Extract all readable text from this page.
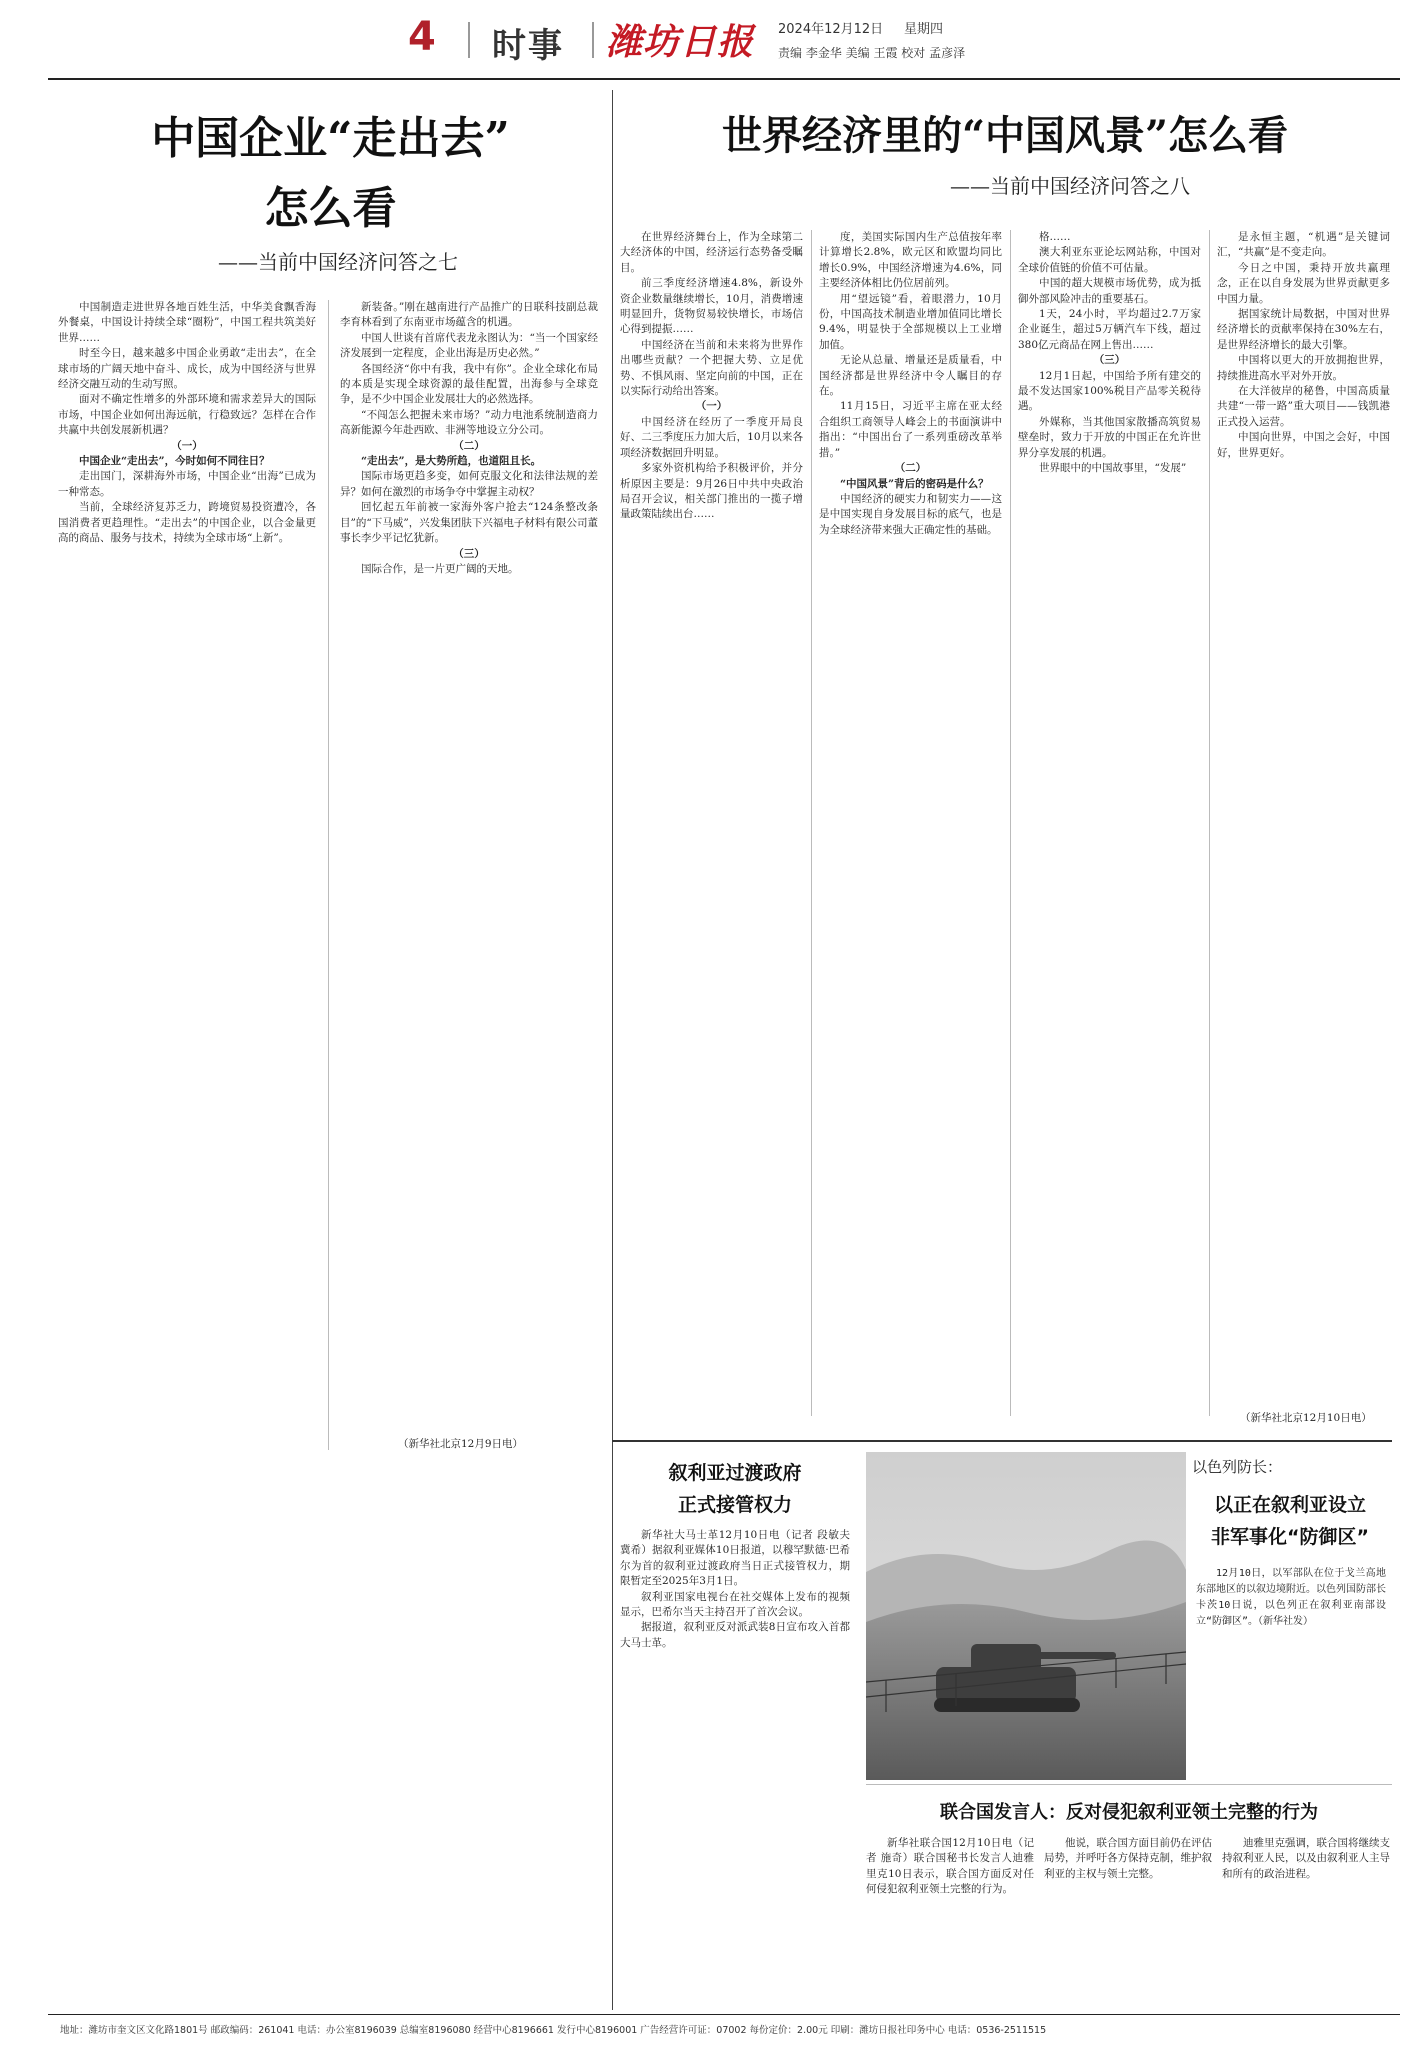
4 时事 潍坊日报 2024年12月12日 星期四
责编 李金华 美编 王霞 校对 孟彦泽
中国企业“走出去”
怎么看
——当前中国经济问答之七

中国制造走进世界各地百姓生活，中华美食飘香海外餐桌，中国设计持续全球“圈粉”，中国工程共筑美好世界……

时至今日，越来越多中国企业勇敢“走出去”，在全球市场的广阔天地中奋斗、成长，成为中国经济与世界经济交融互动的生动写照。

面对不确定性增多的外部环境和需求差异大的国际市场，中国企业如何出海远航，行稳致远？怎样在合作共赢中共创发展新机遇？

（一）

中国企业“走出去”，今时如何不同往日？

走出国门，深耕海外市场，中国企业“出海”已成为一种常态。

当前，全球经济复苏乏力，跨境贸易投资遭冷，各国消费者更趋理性。“走出去”的中国企业，以合金量更高的商品、服务与技术，持续为全球市场“上新”。

新装备。”刚在越南进行产品推广的日联科技副总裁李育林看到了东南亚市场蕴含的机遇。

中国人世谈有首席代表龙永图认为：“当一个国家经济发展到一定程度，企业出海是历史必然。”

各国经济“你中有我，我中有你”。企业全球化布局的本质是实现全球资源的最佳配置，出海参与全球竞争，是不少中国企业发展壮大的必然选择。

“不闯怎么把握未来市场？”动力电池系统制造商力高新能源今年赴西欧、非洲等地设立分公司。

（二）

“走出去”，是大势所趋，也道阻且长。

国际市场更趋多变，如何克服文化和法律法规的差异？如何在激烈的市场争夺中掌握主动权？

回忆起五年前被一家海外客户抢去“124条整改条目”的“下马威”，兴发集团肤下兴福电子材料有限公司董事长李少平记忆犹新。

（三）

国际合作，是一片更广阔的天地。

（新华社北京12月9日电）
世界经济里的“中国风景”怎么看
——当前中国经济问答之八

在世界经济舞台上，作为全球第二大经济体的中国，经济运行态势备受瞩目。

前三季度经济增速4.8%，新设外资企业数量继续增长，10月，消费增速明显回升，货物贸易较快增长，市场信心得到提振……

中国经济在当前和未来将为世界作出哪些贡献？一个把握大势、立足优势、不惧风雨、坚定向前的中国，正在以实际行动给出答案。

（一）

中国经济在经历了一季度开局良好、二三季度压力加大后，10月以来各项经济数据回升明显。

多家外资机构给予积极评价，并分析原因主要是：9月26日中共中央政治局召开会议，相关部门推出的一揽子增量政策陆续出台……

度，美国实际国内生产总值按年率计算增长2.8%，欧元区和欧盟均同比增长0.9%，中国经济增速为4.6%，同主要经济体相比仍位居前列。

用“望远镜”看，着眼潜力，10月份，中国高技术制造业增加值同比增长9.4%，明显快于全部规模以上工业增加值。

无论从总量、增量还是质量看，中国经济都是世界经济中令人瞩目的存在。

11月15日，习近平主席在亚太经合组织工商领导人峰会上的书面演讲中指出：“中国出台了一系列重磅改革举措。”

（二）

“中国风景”背后的密码是什么？

中国经济的硬实力和韧实力——这是中国实现自身发展目标的底气，也是为全球经济带来强大正确定性的基础。

格……

澳大利亚东亚论坛网站称，中国对全球价值链的价值不可估量。

中国的超大规模市场优势，成为抵御外部风险冲击的重要基石。

1天，24小时，平均超过2.7万家企业诞生，超过5万辆汽车下线，超过380亿元商品在网上售出……

（三）

12月1日起，中国给予所有建交的最不发达国家100%税目产品零关税待遇。

外媒称，当其他国家散播高筑贸易壁垒时，致力于开放的中国正在允许世界分享发展的机遇。

世界眼中的中国故事里，“发展”

是永恒主题，“机遇”是关键词汇，“共赢”是不变走向。

今日之中国，秉持开放共赢理念，正在以自身发展为世界贡献更多中国力量。

据国家统计局数据，中国对世界经济增长的贡献率保持在30%左右，是世界经济增长的最大引擎。

中国将以更大的开放拥抱世界，持续推进高水平对外开放。

在大洋彼岸的秘鲁，中国高质量共建“一带一路”重大项目——钱凯港正式投入运营。

中国向世界，中国之会好，中国好，世界更好。

（新华社北京12月10日电）
叙利亚过渡政府
正式接管权力

新华社大马士革12月10日电（记者 段敏夫 冀希）据叙利亚媒体10日报道，以穆罕默德·巴希尔为首的叙利亚过渡政府当日正式接管权力，期限暂定至2025年3月1日。

叙利亚国家电视台在社交媒体上发布的视频显示，巴希尔当天主持召开了首次会议。

据报道，叙利亚反对派武装8日宣布攻入首都大马士革。

以色列防长：
以正在叙利亚设立
非军事化“防御区”
12月10日，以军部队在位于戈兰高地东部地区的以叙边境附近。以色列国防部长卡茨10日说，以色列正在叙利亚南部设立“防御区”。（新华社发）
联合国发言人：反对侵犯叙利亚领土完整的行为
新华社联合国12月10日电（记者 施奇）联合国秘书长发言人迪雅里克10日表示，联合国方面反对任何侵犯叙利亚领土完整的行为。
他说，联合国方面目前仍在评估局势，并呼吁各方保持克制，维护叙利亚的主权与领土完整。
迪雅里克强调，联合国将继续支持叙利亚人民，以及由叙利亚人主导和所有的政治进程。
地址：潍坊市奎文区文化路1801号 邮政编码：261041 电话：办公室8196039 总编室8196080 经营中心8196661 发行中心8196001 广告经营许可证：07002 每份定价：2.00元 印刷：潍坊日报社印务中心 电话：0536-2511515
